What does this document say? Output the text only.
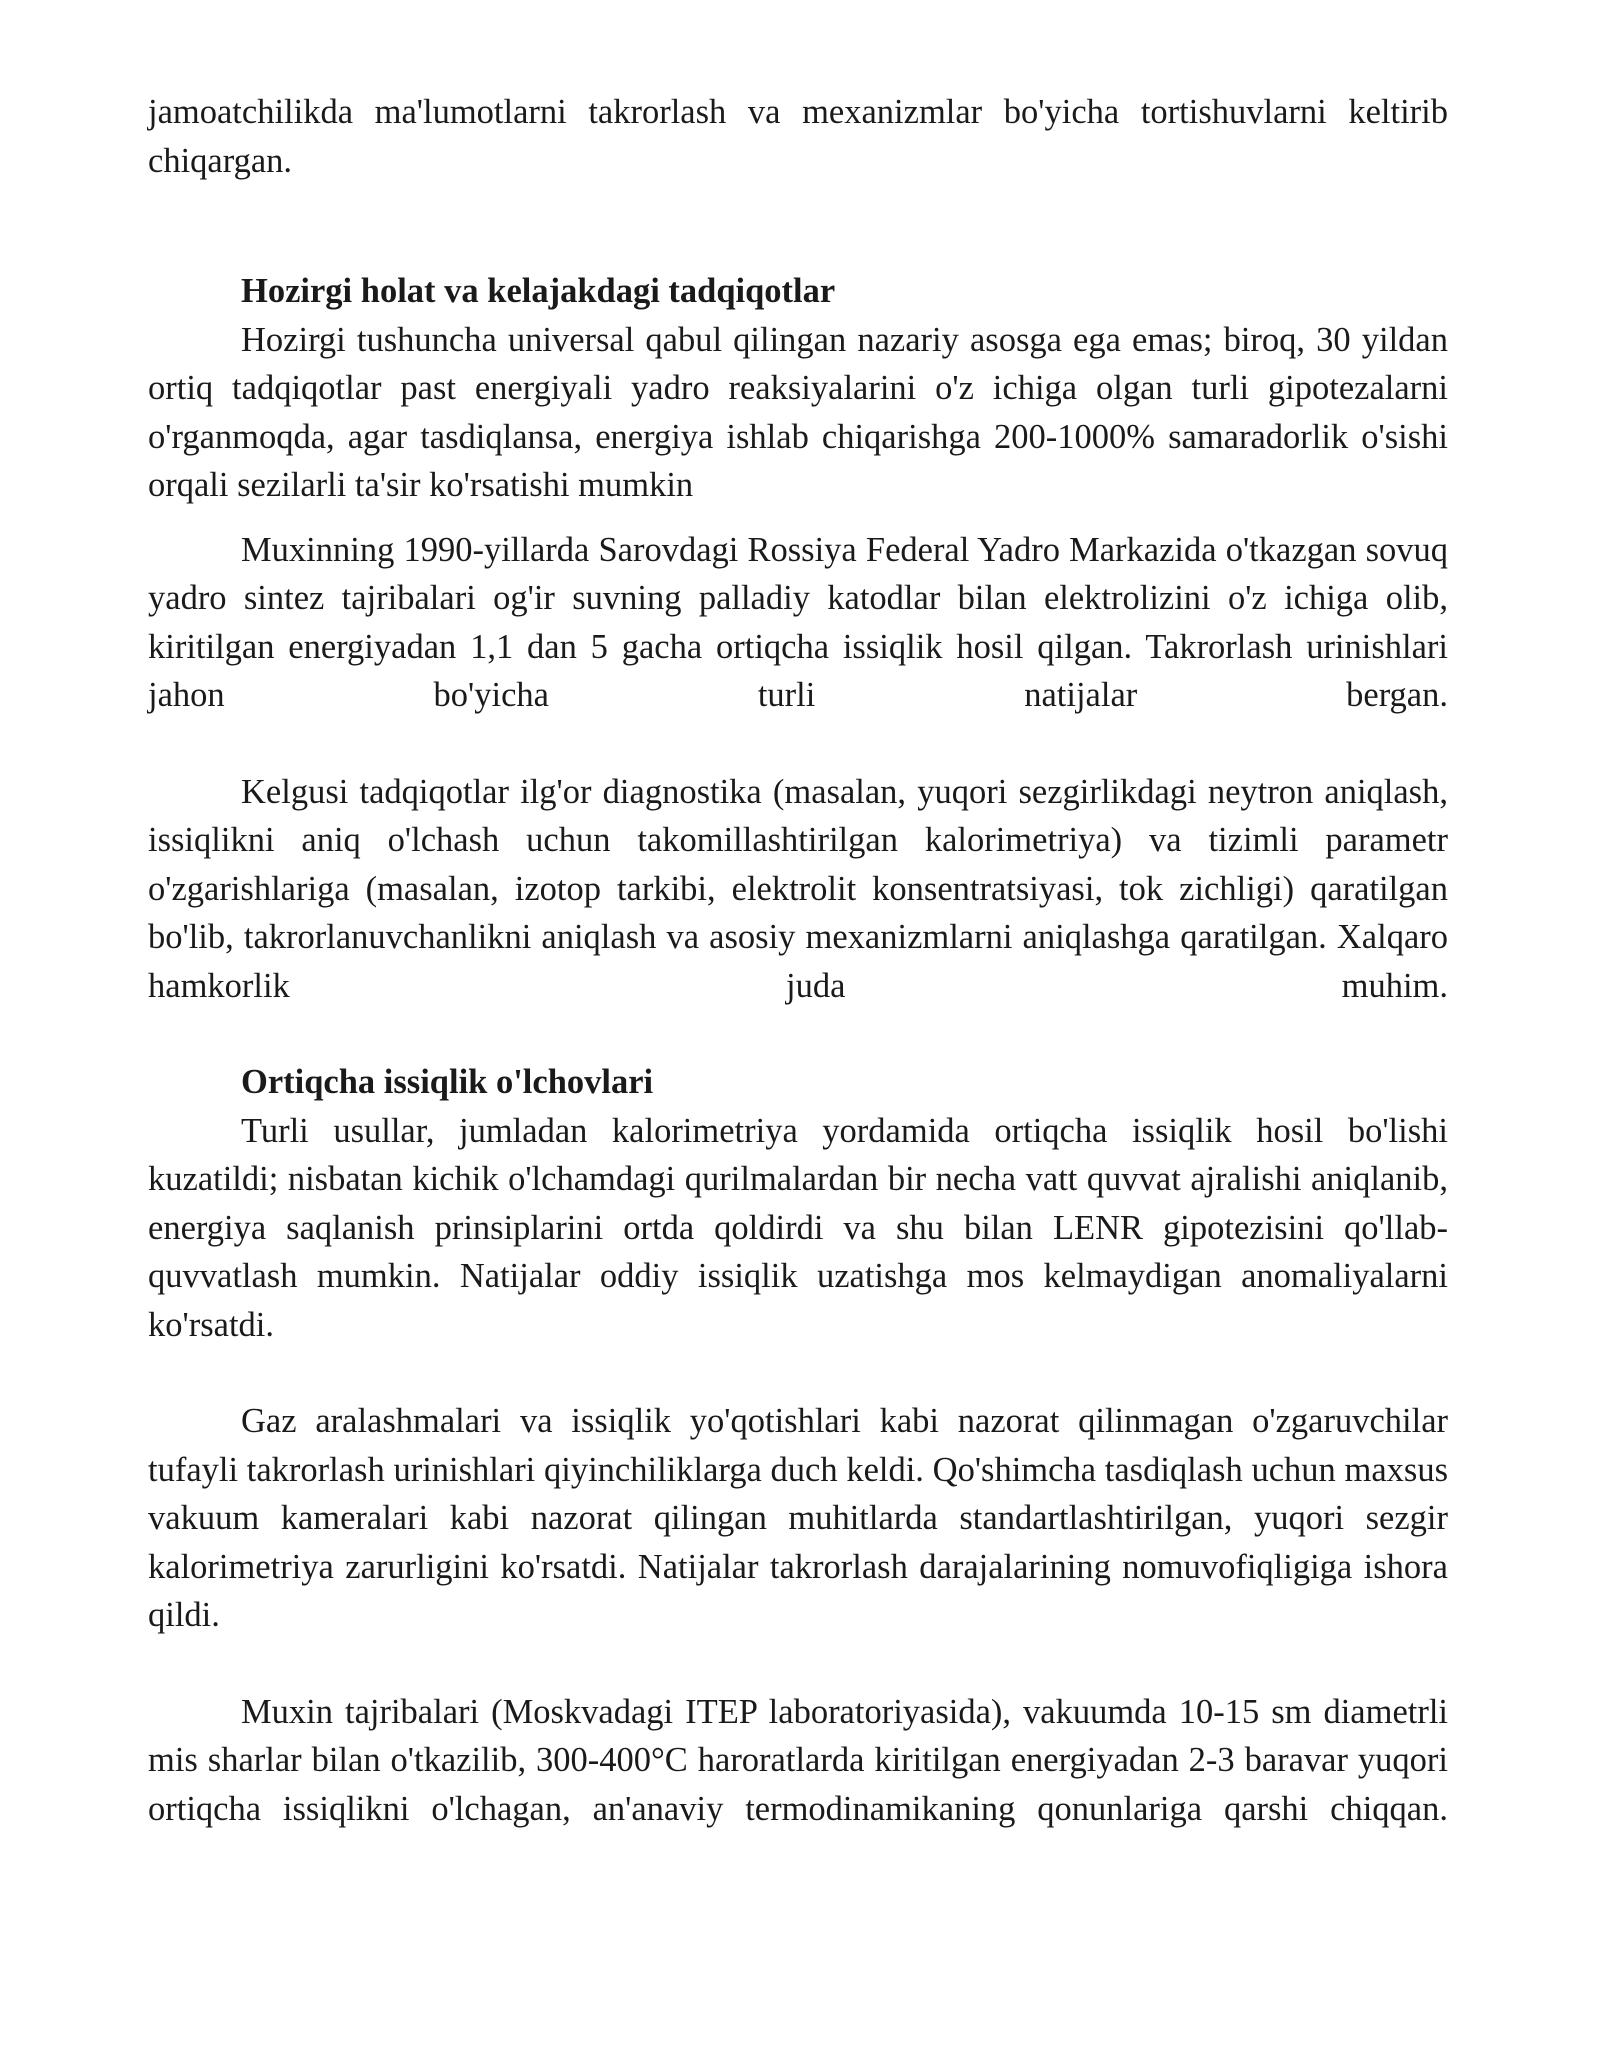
jamoatchilikda ma'lumotlarni takrorlash va mexanizmlar bo'yicha tortishuvlarni keltirib chiqargan.

Hozirgi holat va kelajakdagi tadqiqotlar

Hozirgi tushuncha universal qabul qilingan nazariy asosga ega emas; biroq, 30 yildan ortiq tadqiqotlar past energiyali yadro reaksiyalarini o'z ichiga olgan turli gipotezalarni o'rganmoqda, agar tasdiqlansa, energiya ishlab chiqarishga 200-1000% samaradorlik o'sishi orqali sezilarli ta'sir ko'rsatishi mumkin

Muxinning 1990-yillarda Sarovdagi Rossiya Federal Yadro Markazida o'tkazgan sovuq yadro sintez tajribalari og'ir suvning palladiy katodlar bilan elektrolizini o'z ichiga olib, kiritilgan energiyadan 1,1 dan 5 gacha ortiqcha issiqlik hosil qilgan. Takrorlash urinishlari jahon bo'yicha turli natijalar bergan.

Kelgusi tadqiqotlar ilg'or diagnostika (masalan, yuqori sezgirlikdagi neytron aniqlash, issiqlikni aniq o'lchash uchun takomillashtirilgan kalorimetriya) va tizimli parametr o'zgarishlariga (masalan, izotop tarkibi, elektrolit konsentratsiyasi, tok zichligi) qaratilgan bo'lib, takrorlanuvchanlikni aniqlash va asosiy mexanizmlarni aniqlashga qaratilgan. Xalqaro hamkorlik juda muhim.

Ortiqcha issiqlik o'lchovlari

Turli usullar, jumladan kalorimetriya yordamida ortiqcha issiqlik hosil bo'lishi kuzatildi; nisbatan kichik o'lchamdagi qurilmalardan bir necha vatt quvvat ajralishi aniqlanib, energiya saqlanish prinsiplarini ortda qoldirdi va shu bilan LENR gipotezisini qo'llab-quvvatlash mumkin. Natijalar oddiy issiqlik uzatishga mos kelmaydigan anomaliyalarni ko'rsatdi.

Gaz aralashmalari va issiqlik yo'qotishlari kabi nazorat qilinmagan o'zgaruvchilar tufayli takrorlash urinishlari qiyinchiliklarga duch keldi. Qo'shimcha tasdiqlash uchun maxsus vakuum kameralari kabi nazorat qilingan muhitlarda standartlashtirilgan, yuqori sezgir kalorimetriya zarurligini ko'rsatdi. Natijalar takrorlash darajalarining nomuvofiqligiga ishora qildi.

Muxin tajribalari (Moskvadagi ITEP laboratoriyasida), vakuumda 10-15 sm diametrli mis sharlar bilan o'tkazilib, 300-400°C haroratlarda kiritilgan energiyadan 2-3 baravar yuqori ortiqcha issiqlikni o'lchagan, an'anaviy termodinamikaning qonunlariga qarshi chiqqan.
